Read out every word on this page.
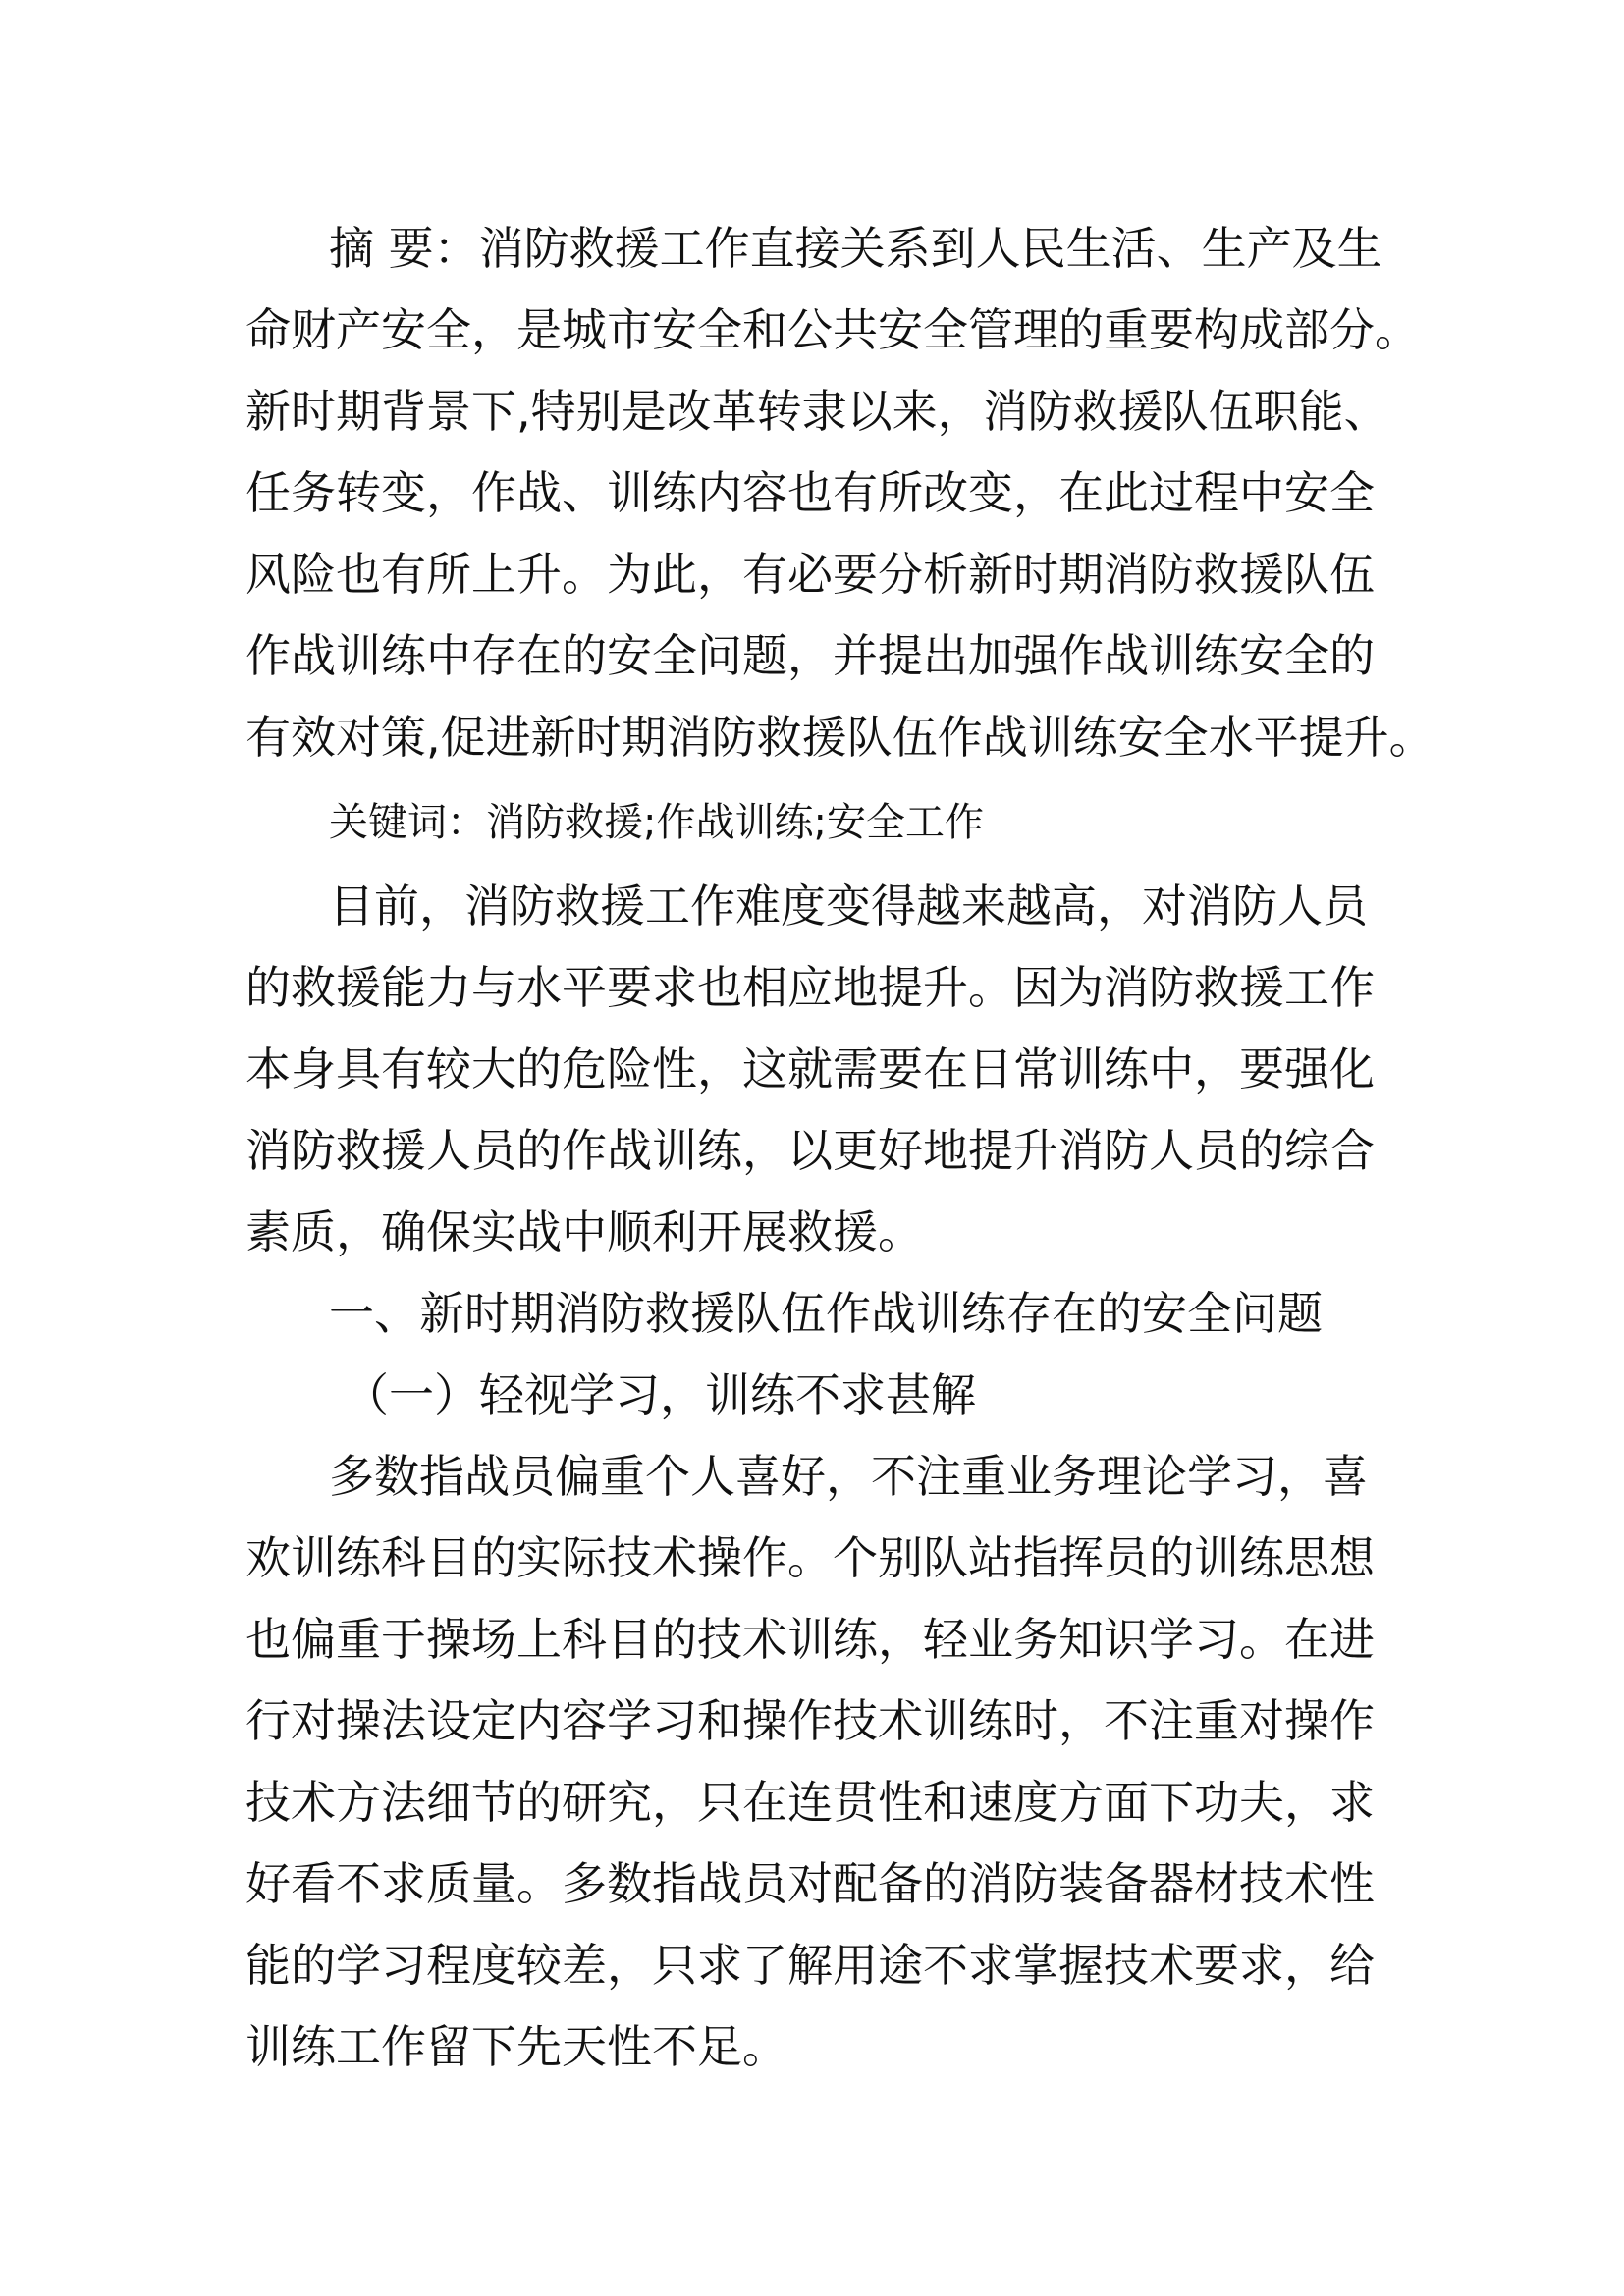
摘 要：消防救援工作直接关系到人民生活、生产及生

命财产安全，是城市安全和公共安全管理的重要构成部分。

新时期背景下,特别是改革转隶以来，消防救援队伍职能、

任务转变，作战、训练内容也有所改变，在此过程中安全

风险也有所上升。为此，有必要分析新时期消防救援队伍

作战训练中存在的安全问题，并提出加强作战训练安全的

有效对策,促进新时期消防救援队伍作战训练安全水平提升。

关键词：消防救援;作战训练;安全工作

目前，消防救援工作难度变得越来越高，对消防人员

的救援能力与水平要求也相应地提升。因为消防救援工作

本身具有较大的危险性，这就需要在日常训练中，要强化

消防救援人员的作战训练，以更好地提升消防人员的综合

素质，确保实战中顺利开展救援。

一、新时期消防救援队伍作战训练存在的安全问题

（一）轻视学习，训练不求甚解

多数指战员偏重个人喜好，不注重业务理论学习，喜

欢训练科目的实际技术操作。个别队站指挥员的训练思想

也偏重于操场上科目的技术训练，轻业务知识学习。在进

行对操法设定内容学习和操作技术训练时，不注重对操作

技术方法细节的研究，只在连贯性和速度方面下功夫，求

好看不求质量。多数指战员对配备的消防装备器材技术性

能的学习程度较差，只求了解用途不求掌握技术要求，给

训练工作留下先天性不足。
